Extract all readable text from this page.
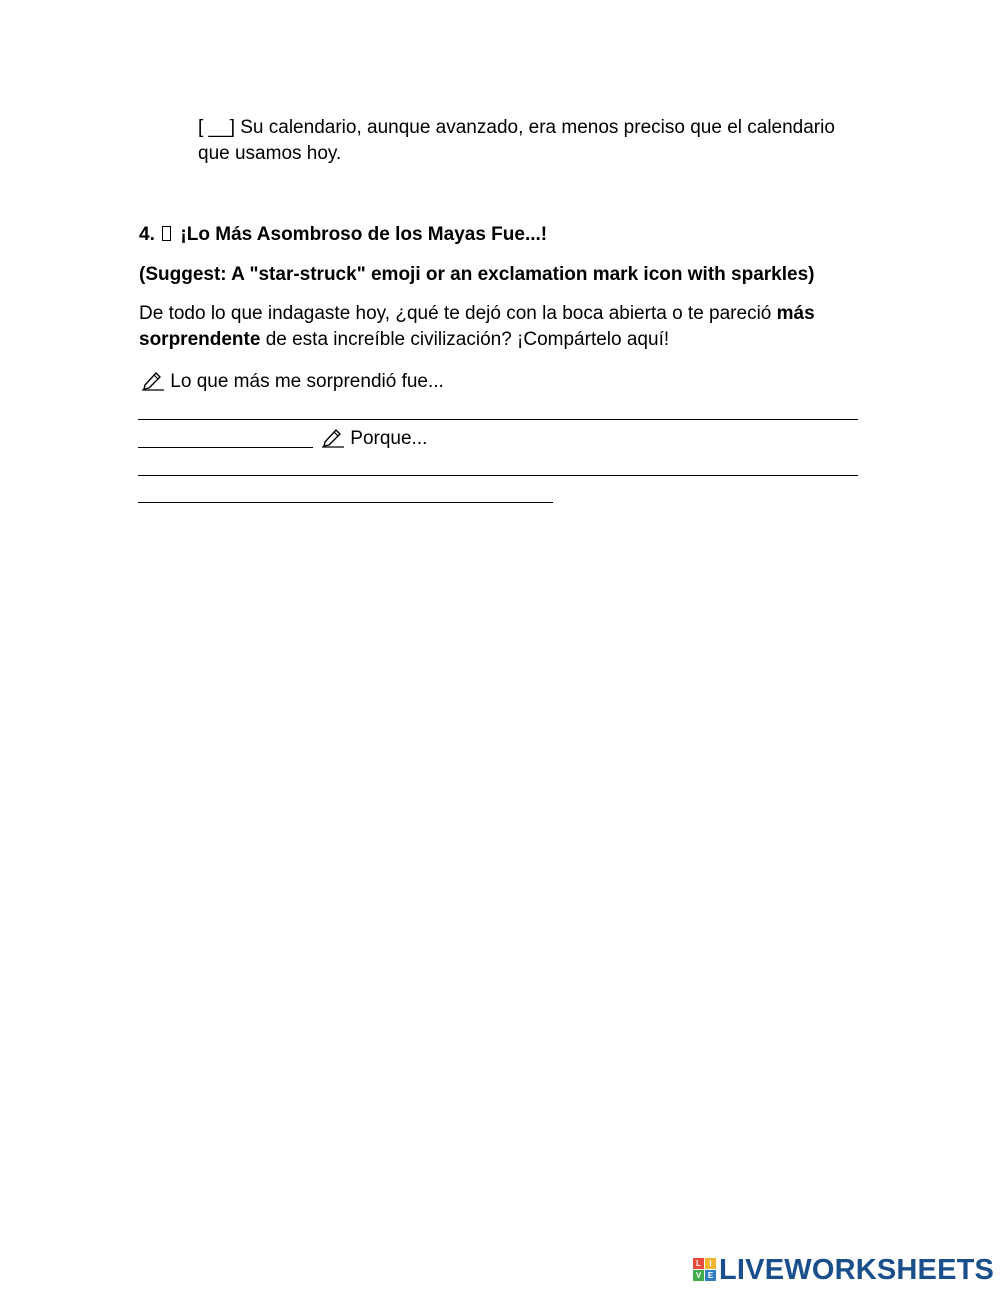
[ __] Su calendario, aunque avanzado, era menos preciso que el calendario
que usamos hoy.
4. ¡Lo Más Asombroso de los Mayas Fue...!
(Suggest: A "star-struck" emoji or an exclamation mark icon with sparkles)
De todo lo que indagaste hoy, ¿qué te dejó con la boca abierta o te pareció más
sorprendente de esta increíble civilización? ¡Compártelo aquí!
Lo que más me sorprendió fue...
Porque...
L	I
V E LIVEWORKSHEETS
